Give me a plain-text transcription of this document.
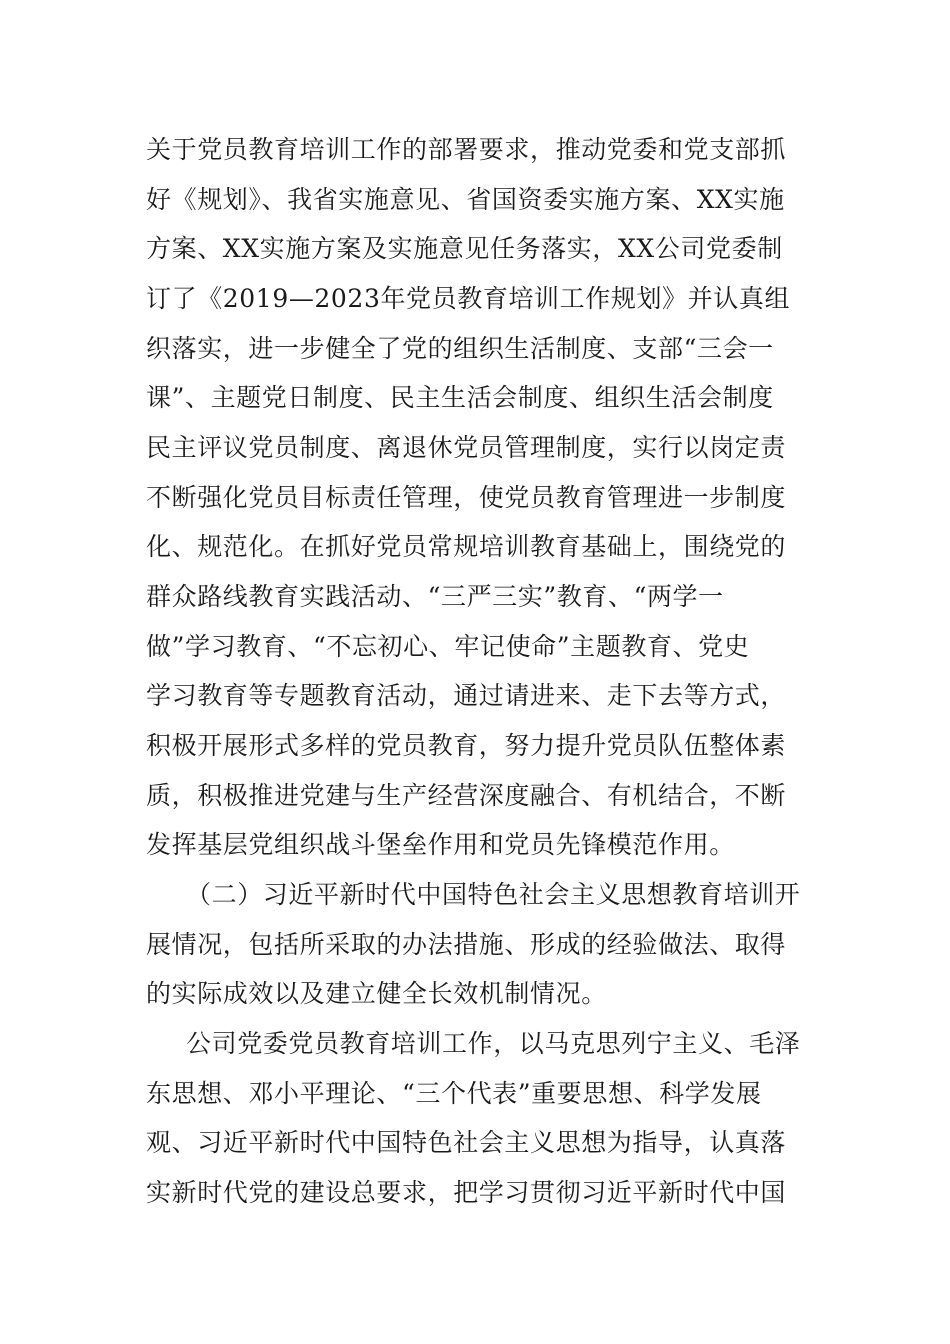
关于党员教育培训工作的部署要求，推动党委和党支部抓
好《规划》、我省实施意见、省国资委实施方案、XX实施
方案、XX实施方案及实施意见任务落实，XX公司党委制
订了《2019—2023年党员教育培训工作规划》并认真组
织落实，进一步健全了党的组织生活制度、支部“三会一
课”、主题党日制度、民主生活会制度、组织生活会制度
民主评议党员制度、离退休党员管理制度，实行以岗定责
不断强化党员目标责任管理，使党员教育管理进一步制度
化、规范化。在抓好党员常规培训教育基础上，围绕党的
群众路线教育实践活动、“三严三实”教育、“两学一
做”学习教育、“不忘初心、牢记使命”主题教育、党史
学习教育等专题教育活动，通过请进来、走下去等方式，
积极开展形式多样的党员教育，努力提升党员队伍整体素
质，积极推进党建与生产经营深度融合、有机结合，不断
发挥基层党组织战斗堡垒作用和党员先锋模范作用。
（二）习近平新时代中国特色社会主义思想教育培训开
展情况，包括所采取的办法措施、形成的经验做法、取得
的实际成效以及建立健全长效机制情况。
公司党委党员教育培训工作，以马克思列宁主义、毛泽
东思想、邓小平理论、“三个代表”重要思想、科学发展
观、习近平新时代中国特色社会主义思想为指导，认真落
实新时代党的建设总要求，把学习贯彻习近平新时代中国
